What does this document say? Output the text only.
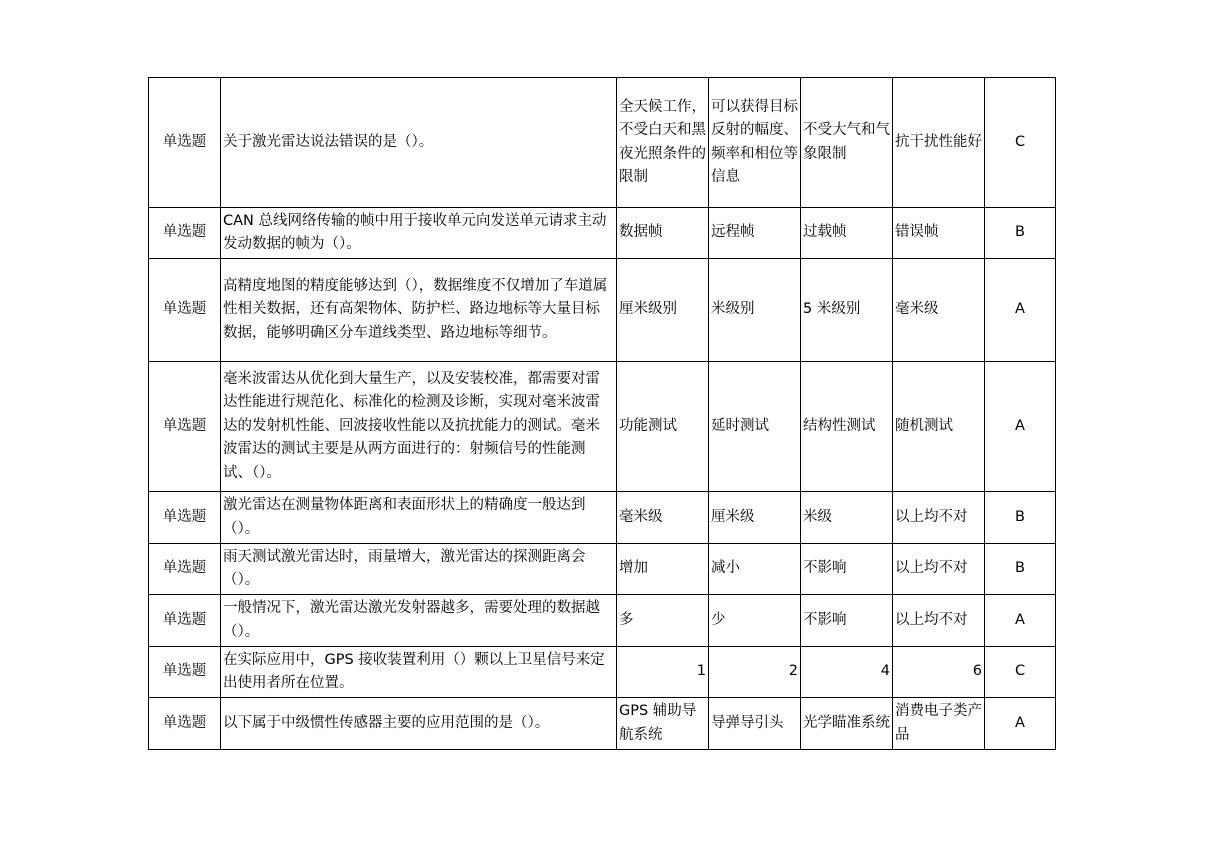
单选题	关于激光雷达说法错误的是（）。	全天候工作，不受白天和黑夜光照条件的限制	可以获得目标反射的幅度、频率和相位等信息	不受大气和气象限制	抗干扰性能好	C
单选题	CAN 总线网络传输的帧中用于接收单元向发送单元请求主动发动数据的帧为（）。	数据帧	远程帧	过载帧	错误帧	B
单选题	高精度地图的精度能够达到（），数据维度不仅增加了车道属性相关数据，还有高架物体、防护栏、路边地标等大量目标数据，能够明确区分车道线类型、路边地标等细节。	厘米级别	米级别	5 米级别	毫米级	A
单选题	毫米波雷达从优化到大量生产，以及安装校准，都需要对雷达性能进行规范化、标准化的检测及诊断，实现对毫米波雷达的发射机性能、回波接收性能以及抗扰能力的测试。毫米波雷达的测试主要是从两方面进行的：射频信号的性能测试、（）。	功能测试	延时测试	结构性测试	随机测试	A
单选题	激光雷达在测量物体距离和表面形状上的精确度一般达到（）。	毫米级	厘米级	米级	以上均不对	B
单选题	雨天测试激光雷达时，雨量增大，激光雷达的探测距离会（）。	增加	减小	不影响	以上均不对	B
单选题	一般情况下，激光雷达激光发射器越多，需要处理的数据越（）。	多	少	不影响	以上均不对	A
单选题	在实际应用中，GPS 接收装置利用（）颗以上卫星信号来定出使用者所在位置。	1	2	4	6	C
单选题	以下属于中级惯性传感器主要的应用范围的是（）。	GPS 辅助导航系统	导弹导引头	光学瞄准系统	消费电子类产品	A
